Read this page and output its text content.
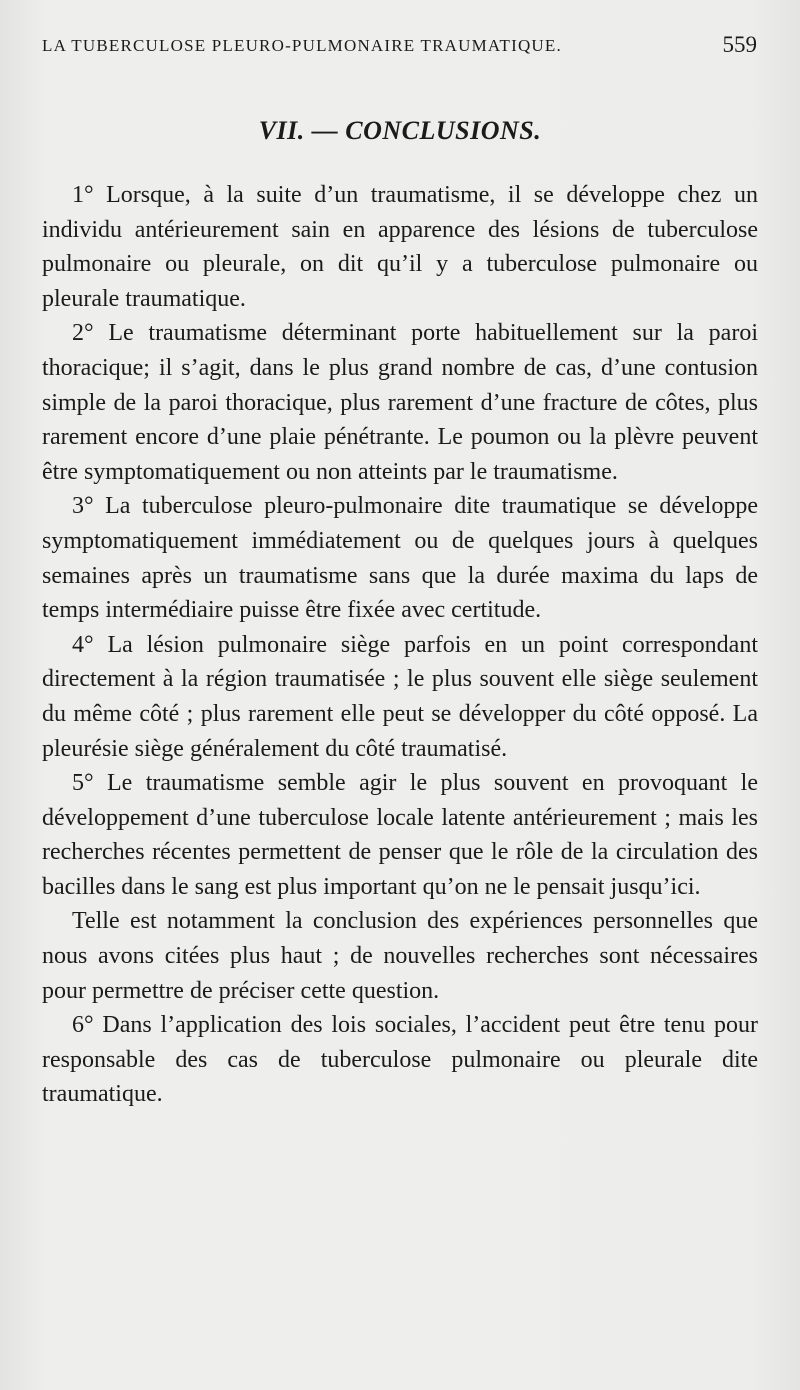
LA TUBERCULOSE PLEURO-PULMONAIRE TRAUMATIQUE.	559
VII. — CONCLUSIONS.

1° Lorsque, à la suite d’un traumatisme, il se développe chez un individu antérieurement sain en apparence des lésions de tuberculose pulmonaire ou pleurale, on dit qu’il y a tuberculose pulmonaire ou pleurale traumatique.

2° Le traumatisme déterminant porte habituellement sur la paroi thoracique; il s’agit, dans le plus grand nombre de cas, d’une contusion simple de la paroi thoracique, plus rarement d’une fracture de côtes, plus rarement encore d’une plaie pénétrante. Le poumon ou la plèvre peuvent être symptomatiquement ou non atteints par le traumatisme.

3° La tuberculose pleuro-pulmonaire dite traumatique se développe symptomatiquement immédiatement ou de quelques jours à quelques semaines après un traumatisme sans que la durée maxima du laps de temps intermédiaire puisse être fixée avec certitude.

4° La lésion pulmonaire siège parfois en un point correspondant directement à la région traumatisée ; le plus souvent elle siège seulement du même côté ; plus rarement elle peut se développer du côté opposé. La pleurésie siège généralement du côté traumatisé.

5° Le traumatisme semble agir le plus souvent en provoquant le développement d’une tuberculose locale latente antérieurement ; mais les recherches récentes permettent de penser que le rôle de la circulation des bacilles dans le sang est plus important qu’on ne le pensait jusqu’ici.

Telle est notamment la conclusion des expériences personnelles que nous avons citées plus haut ; de nouvelles recherches sont nécessaires pour permettre de préciser cette question.

6° Dans l’application des lois sociales, l’accident peut être tenu pour responsable des cas de tuberculose pulmonaire ou pleurale dite traumatique.
